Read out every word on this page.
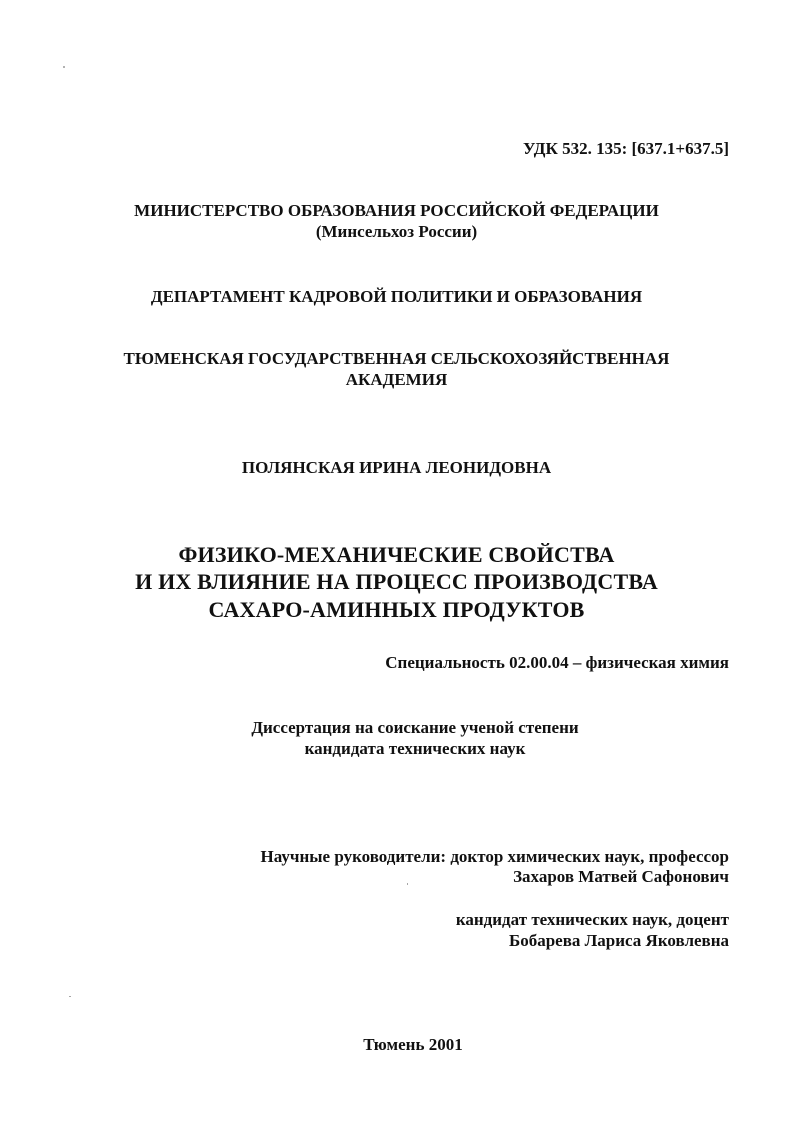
УДК 532. 135: [637.1+637.5]

МИНИСТЕРСТВО ОБРАЗОВАНИЯ РОССИЙСКОЙ ФЕДЕРАЦИИ

(Минсельхоз России)

ДЕПАРТАМЕНТ КАДРОВОЙ ПОЛИТИКИ И ОБРАЗОВАНИЯ

ТЮМЕНСКАЯ ГОСУДАРСТВЕННАЯ СЕЛЬСКОХОЗЯЙСТВЕННАЯ

АКАДЕМИЯ

ПОЛЯНСКАЯ ИРИНА ЛЕОНИДОВНА

ФИЗИКО-МЕХАНИЧЕСКИЕ СВОЙСТВА

И ИХ ВЛИЯНИЕ НА ПРОЦЕСС ПРОИЗВОДСТВА

САХАРО-АМИННЫХ ПРОДУКТОВ

Специальность 02.00.04 – физическая химия

Диссертация на соискание ученой степени

кандидата технических наук

Научные руководители: доктор химических наук, профессор

Захаров Матвей Сафонович

кандидат технических наук, доцент

Бобарева Лариса Яковлевна

Тюмень 2001
